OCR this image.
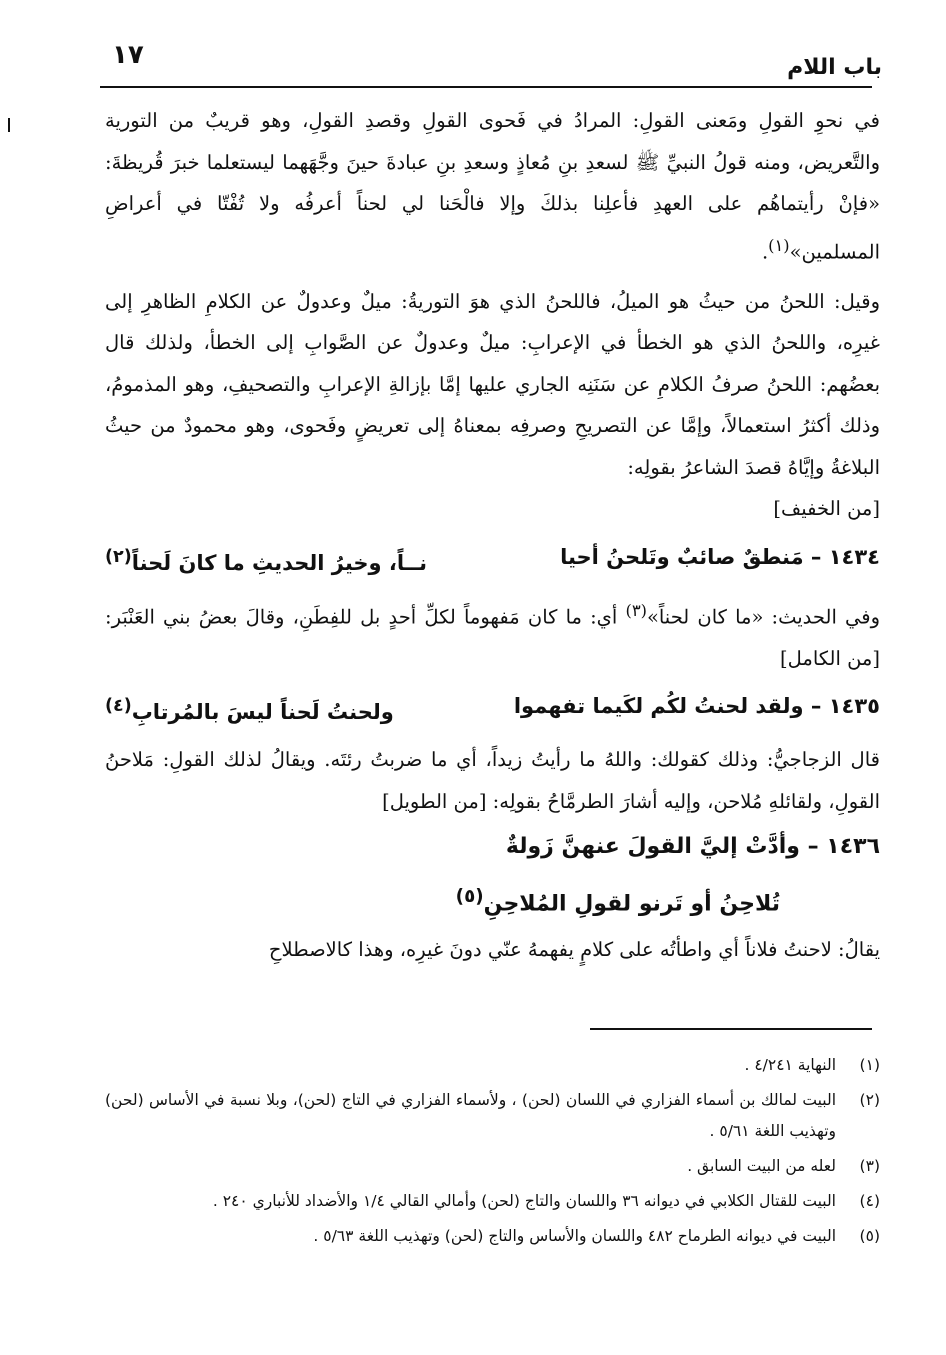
باب اللام
١٧

في نحوِ القولِ ومَعنى القولِ: المرادُ في فَحوى القولِ وقصدِ القولِ، وهو قريبٌ من التورية والتَّعريض، ومنه قولُ النبيِّ ﷺ لسعدِ بنِ مُعاذٍ وسعدِ بنِ عبادةَ حينَ وجَّهَهما ليستعلما خبرَ قُريظةَ: «فإنْ رأيتماهُم على العهدِ فأعلِنا بذلكَ وإلا فالْحَنا لي لحناً أعرفُه ولا تُفْتّا في أعراضِ المسلمين»$^{(١)}$.

وقيل: اللحنُ من حيثُ هو الميلُ، فاللحنُ الذي هوَ التوريةُ: ميلٌ وعدولٌ عن الكلامِ الظاهرِ إلى غيرِه، واللحنُ الذي هو الخطأ في الإعرابِ: ميلٌ وعدولٌ عن الصَّوابِ إلى الخطأ، ولذلك قال بعضُهم: اللحنُ صرفُ الكلامِ عن سَنَنِه الجاري عليها إمَّا بإزالةِ الإعرابِ والتصحيفِ، وهو المذمومُ، وذلك أكثرُ استعمالاً، وإمَّا عن التصريحِ وصرفِه بمعناهُ إلى تعريضٍ وفَحوى، وهو محمودٌ من حيثُ البلاغةُ وإيَّاهُ قصدَ الشاعرُ بقولِه:
[من الخفيف]

١٤٣٤ – مَنطقٌ صائبٌ وتَلحنُ أحيا
نــاً، وخيرُ الحديثِ ما كانَ لَحناً$^{(٢)}$

وفي الحديث: «ما كان لحناً»$^{(٣)}$ أي: ما كان مَفهوماً لكلِّ أحدٍ بل للفِطَنِ، وقالَ بعضُ بني العَنْبَر: [من الكامل]

١٤٣٥ – ولقد لحنتُ لكُم لكَيما تفهموا
ولحنتُ لَحناً ليسَ بالمُرتابِ$^{(٤)}$

قال الزجاجيُّ: وذلك كقولك: واللهُ ما رأيتُ زيداً، أي ما ضربتُ رئتَه. ويقالُ لذلك القولِ: مَلاحنُ القولِ، ولقائلهِ مُلاحن، وإليه أشارَ الطرمَّاحُ بقولِه: [من الطويل]

١٤٣٦ – وأدَّتْ إليَّ القولَ عنهنَّ زَولةٌ
تُلاحِنُ أو تَرنو لقولِ المُلاحِنِ$^{(٥)}$

يقالُ: لاحنتُ فلاناً أي واطأتُه على كلامٍ يفهمهُ عنّي دونَ غيرِه، وهذا كالاصطلاحِ

(١)النهاية ٤/٢٤١ .

(٢)البيت لمالك بن أسماء الفزاري في اللسان (لحن) ، ولأسماء الفزاري في التاج (لحن)، وبلا نسبة في الأساس (لحن) وتهذيب اللغة ٥/٦١ .

(٣)لعله من البيت السابق .

(٤)البيت للقتال الكلابي في ديوانه ٣٦ واللسان والتاج (لحن) وأمالي القالي ١/٤ والأضداد للأنباري ٢٤٠ .

(٥)البيت في ديوانه الطرماح ٤٨٢ واللسان والأساس والتاج (لحن) وتهذيب اللغة ٥/٦٣ .
